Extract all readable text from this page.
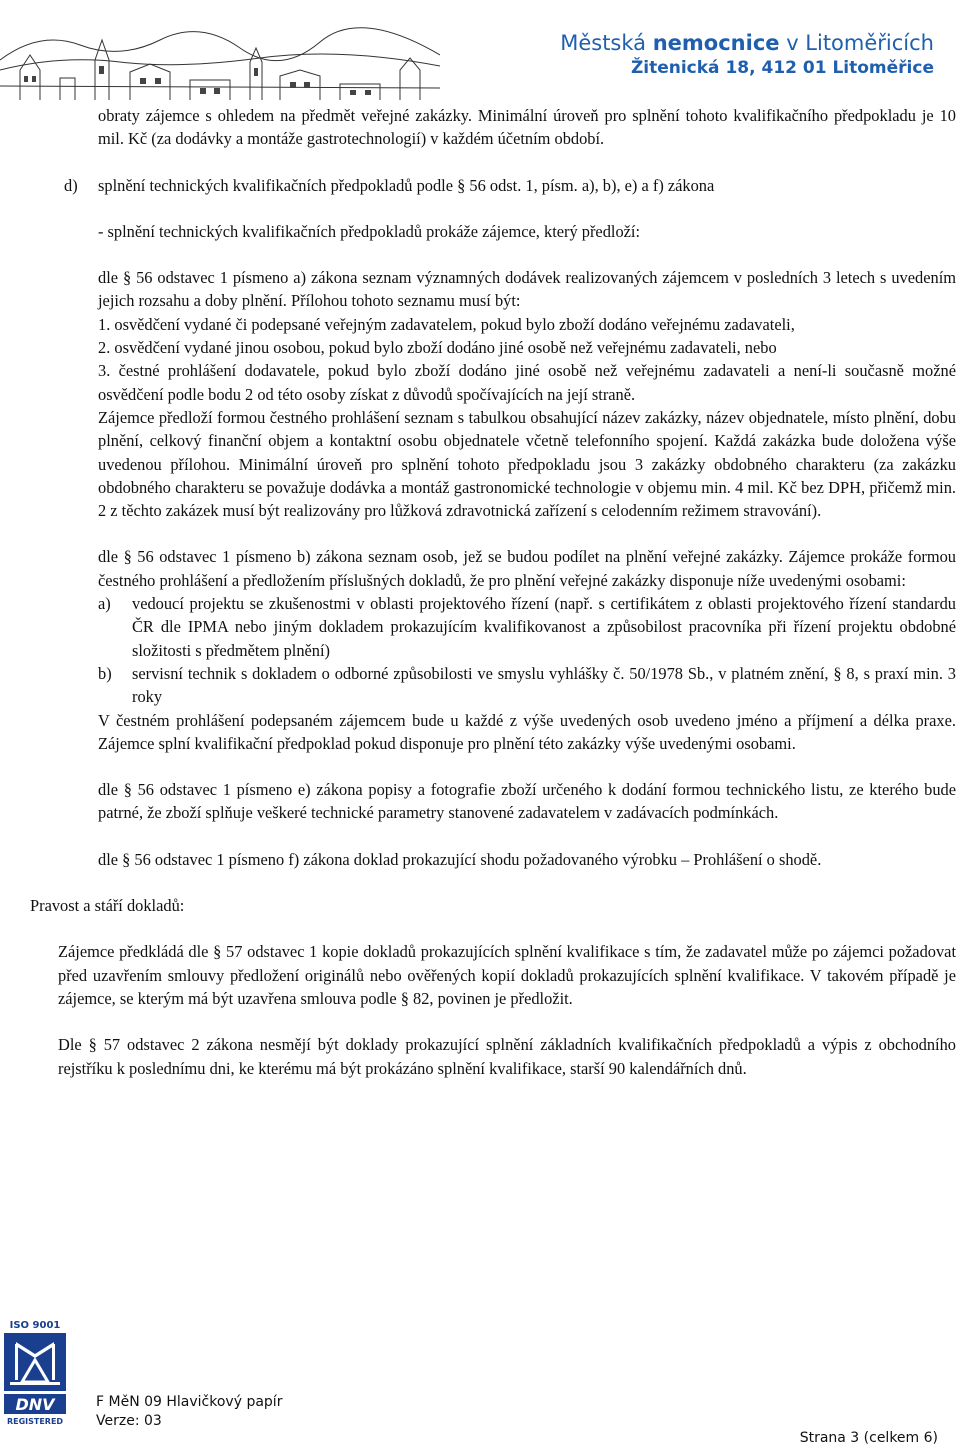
Městská nemocnice v Litoměřicích
Žitenická 18, 412 01 Litoměřice

obraty zájemce s ohledem na předmět veřejné zakázky. Minimální úroveň pro splnění tohoto kvalifikačního předpokladu je 10 mil. Kč (za dodávky a montáže gastrotechnologií) v každém účetním období.

d)	splnění technických kvalifikačních předpokladů podle § 56 odst. 1, písm. a), b), e) a f) zákona

- splnění technických kvalifikačních předpokladů prokáže zájemce, který předloží:

dle § 56 odstavec 1 písmeno a) zákona seznam významných dodávek realizovaných zájemcem v posledních 3 letech s uvedením jejich rozsahu a doby plnění. Přílohou tohoto seznamu musí být:

1. osvědčení vydané či podepsané veřejným zadavatelem, pokud bylo zboží dodáno veřejnému zadavateli,

2. osvědčení vydané jinou osobou, pokud bylo zboží dodáno jiné osobě než veřejnému zadavateli, nebo

3. čestné prohlášení dodavatele, pokud bylo zboží dodáno jiné osobě než veřejnému zadavateli a není-li současně možné osvědčení podle bodu 2 od této osoby získat z důvodů spočívajících na její straně.

Zájemce předloží formou čestného prohlášení seznam s tabulkou obsahující název zakázky, název objednatele, místo plnění, dobu plnění, celkový finanční objem a kontaktní osobu objednatele včetně telefonního spojení. Každá zakázka bude doložena výše uvedenou přílohou. Minimální úroveň pro splnění tohoto předpokladu jsou 3 zakázky obdobného charakteru (za zakázku obdobného charakteru se považuje dodávka a montáž gastronomické technologie v objemu min. 4 mil. Kč bez DPH, přičemž min. 2 z těchto zakázek musí být realizovány pro lůžková zdravotnická zařízení s celodenním režimem stravování).

dle § 56 odstavec 1 písmeno b) zákona seznam osob, jež se budou podílet na plnění veřejné zakázky. Zájemce prokáže formou čestného prohlášení a předložením příslušných dokladů, že pro plnění veřejné zakázky disponuje níže uvedenými osobami:

a)	vedoucí projektu se zkušenostmi v oblasti projektového řízení (např. s certifikátem z oblasti projektového řízení standardu ČR dle IPMA nebo jiným dokladem prokazujícím kvalifikovanost a způsobilost pracovníka při řízení projektu obdobné složitosti s předmětem plnění)
b)	servisní technik s dokladem o odborné způsobilosti ve smyslu vyhlášky č. 50/1978 Sb., v platném znění, § 8, s praxí min. 3 roky

V čestném prohlášení podepsaném zájemcem bude u každé z výše uvedených osob uvedeno jméno a příjmení a délka praxe. Zájemce splní kvalifikační předpoklad pokud disponuje pro plnění této zakázky výše uvedenými osobami.

dle § 56 odstavec 1 písmeno e) zákona popisy a fotografie zboží určeného k dodání formou technického listu, ze kterého bude patrné, že zboží splňuje veškeré technické parametry stanovené zadavatelem v zadávacích podmínkách.

dle § 56 odstavec 1 písmeno f) zákona doklad prokazující shodu požadovaného výrobku – Prohlášení o shodě.

Pravost a stáří dokladů:

Zájemce předkládá dle § 57 odstavec 1 kopie dokladů prokazujících splnění kvalifikace s tím, že zadavatel může po zájemci požadovat před uzavřením smlouvy předložení originálů nebo ověřených kopií dokladů prokazujících splnění kvalifikace. V takovém případě je zájemce, se kterým má být uzavřena smlouva podle § 82, povinen je předložit.

Dle § 57 odstavec 2 zákona nesmějí být doklady prokazující splnění základních kvalifikačních předpokladů a výpis z obchodního rejstříku k poslednímu dni, ke kterému má být prokázáno splnění kvalifikace, starší 90 kalendářních dnů.

ISO 9001
DNV
REGISTERED
F MěN 09 Hlavičkový papír
Verze: 03
Strana 3 (celkem 6)
